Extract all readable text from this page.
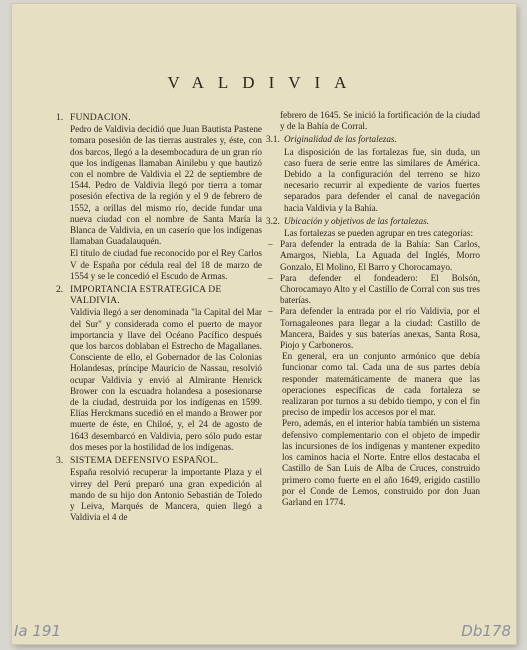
VALDIVIA
1. FUNDACION.

Pedro de Valdivia decidió que Juan Bautista Pastene tomara posesión de las tierras australes y, éste, con dos barcos, llegó a la desembocadura de un gran río que los indígenas llamaban Ainilebu y que bautizó con el nombre de Valdivia el 22 de septiembre de 1544. Pedro de Valdivia llegó por tierra a tomar posesión efectiva de la región y el 9 de febrero de 1552, a orillas del mismo río, decide fundar una nueva ciudad con el nombre de Santa María la Blanca de Valdivia, en un caserío que los indígenas llamaban Guadalauquén.

El título de ciudad fue reconocido por el Rey Carlos V de España por cédula real del 18 de marzo de 1554 y se le concedió el Escudo de Armas.

2. IMPORTANCIA ESTRATEGICA DE VALDIVIA.

Valdivia llegó a ser denominada "la Capital del Mar del Sur" y considerada como el puerto de mayor importancia y llave del Océano Pacífico después que los barcos doblaban el Estrecho de Magallanes. Consciente de ello, el Gobernador de las Colonias Holandesas, príncipe Mauricio de Nassau, resolvió ocupar Valdivia y envió al Almirante Henrick Brower con la escuadra holandesa a posesionarse de la ciudad, destruida por los indígenas en 1599. Elías Herckmans sucedió en el mando a Brower por muerte de éste, en Chiloé, y, el 24 de agosto de 1643 desembarcó en Valdivia, pero sólo pudo estar dos meses por la hostilidad de los indígenas.

3. SISTEMA DEFENSIVO ESPAÑOL.

España resolvió recuperar la importante Plaza y el virrey del Perú preparó una gran expedición al mando de su hijo don Antonio Sebastián de Toledo y Leiva, Marqués de Mancera, quien llegó a Valdivia el 4 de

febrero de 1645. Se inició la fortificación de la ciudad y de la Bahía de Corral.

3.1. Originalidad de las fortalezas.

La disposición de las fortalezas fue, sin duda, un caso fuera de serie entre las similares de América. Debido a la configuración del terreno se hizo necesario recurrir al expediente de varios fuertes separados para defender el canal de navegación hacia Valdivia y la Bahía.

3.2. Ubicación y objetivos de las fortalezas.

Las fortalezas se pueden agrupar en tres categorías:

– Para defender la entrada de la Bahía: San Carlos, Amargos, Niebla, La Aguada del Inglés, Morro Gonzalo, El Molino, El Barro y Chorocamayo.
– Para defender el fondeadero: El Bolsón, Chorocamayo Alto y el Castillo de Corral con sus tres baterías.
– Para defender la entrada por el río Valdivia, por el Tornagaleones para llegar a la ciudad: Castillo de Mancera, Baides y sus baterías anexas, Santa Rosa, Piojo y Carboneros.

En general, era un conjunto armónico que debía funcionar como tal. Cada una de sus partes debía responder matemáticamente de manera que las operaciones específicas de cada fortaleza se realizaran por turnos a su debido tiempo, y con el fin preciso de impedir los accesos por el mar.

Pero, además, en el interior había también un sistema defensivo complementario con el objeto de impedir las incursiones de los indígenas y mantener expedito los caminos hacia el Norte. Entre ellos destacaba el Castillo de San Luis de Alba de Cruces, construido primero como fuerte en el año 1649, erigido castillo por el Conde de Lemos, construido por don Juan Garland en 1774.

Ia 191	Db178
